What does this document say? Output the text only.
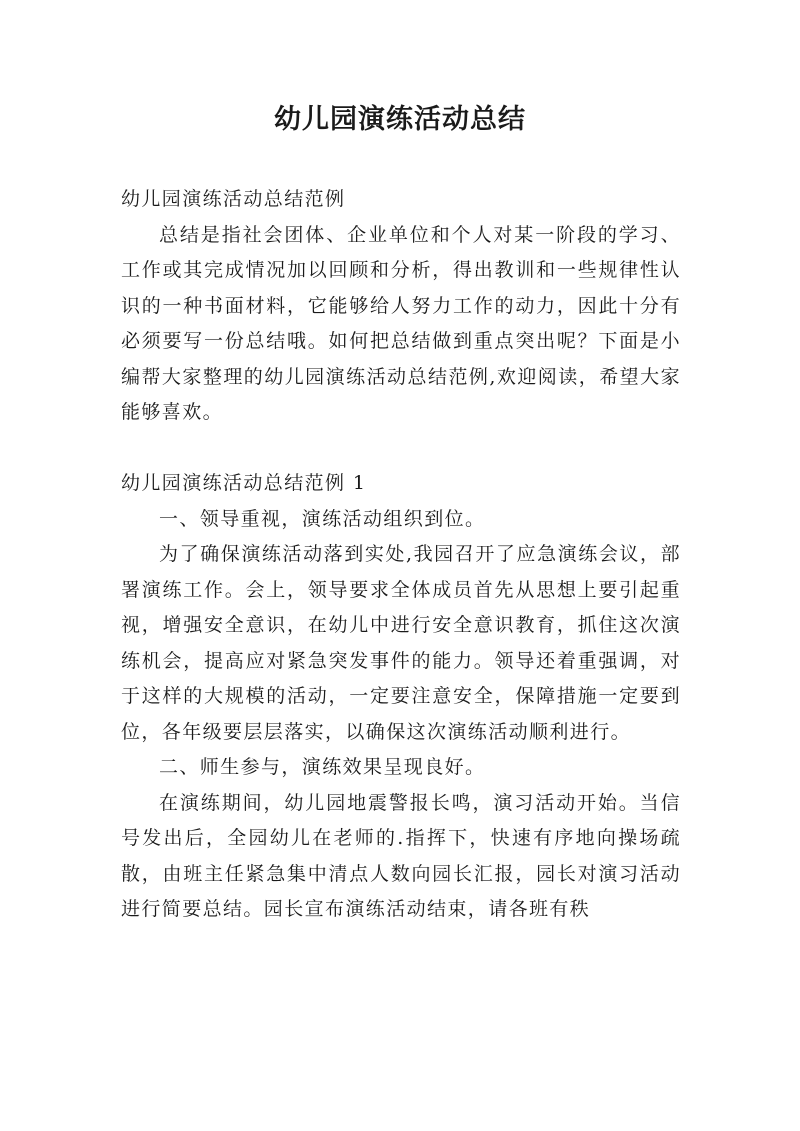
幼儿园演练活动总结

幼儿园演练活动总结范例

总结是指社会团体、企业单位和个人对某一阶段的学习、工作或其完成情况加以回顾和分析，得出教训和一些规律性认识的一种书面材料，它能够给人努力工作的动力，因此十分有必须要写一份总结哦。如何把总结做到重点突出呢？下面是小编帮大家整理的幼儿园演练活动总结范例,欢迎阅读，希望大家能够喜欢。

幼儿园演练活动总结范例 1

一、领导重视，演练活动组织到位。

为了确保演练活动落到实处,我园召开了应急演练会议，部署演练工作。会上，领导要求全体成员首先从思想上要引起重视，增强安全意识，在幼儿中进行安全意识教育，抓住这次演练机会，提高应对紧急突发事件的能力。领导还着重强调，对于这样的大规模的活动，一定要注意安全，保障措施一定要到位，各年级要层层落实，以确保这次演练活动顺利进行。

二、师生参与，演练效果呈现良好。

在演练期间，幼儿园地震警报长鸣，演习活动开始。当信号发出后，全园幼儿在老师的.指挥下，快速有序地向操场疏散，由班主任紧急集中清点人数向园长汇报，园长对演习活动进行简要总结。园长宣布演练活动结束，请各班有秩
